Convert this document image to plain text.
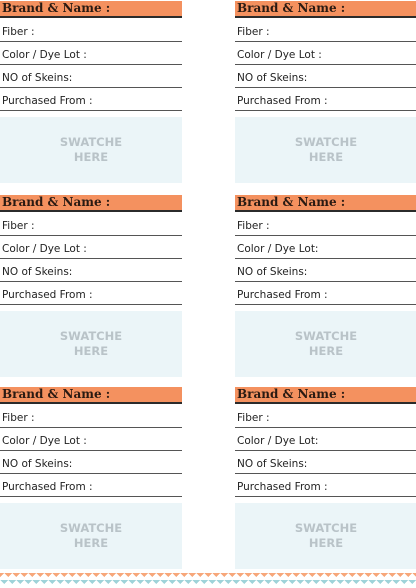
Brand & Name :
Fiber :
Color / Dye Lot :
NO of Skeins:
Purchased From :
SWATCHE
HERE
Brand & Name :
Fiber :
Color / Dye Lot :
NO of Skeins:
Purchased From :
SWATCHE
HERE
Brand & Name :
Fiber :
Color / Dye Lot :
NO of Skeins:
Purchased From :
SWATCHE
HERE
Brand & Name :
Fiber :
Color / Dye Lot:
NO of Skeins:
Purchased From :
SWATCHE
HERE
Brand & Name :
Fiber :
Color / Dye Lot :
NO of Skeins:
Purchased From :
SWATCHE
HERE
Brand & Name :
Fiber :
Color / Dye Lot:
NO of Skeins:
Purchased From :
SWATCHE
HERE
